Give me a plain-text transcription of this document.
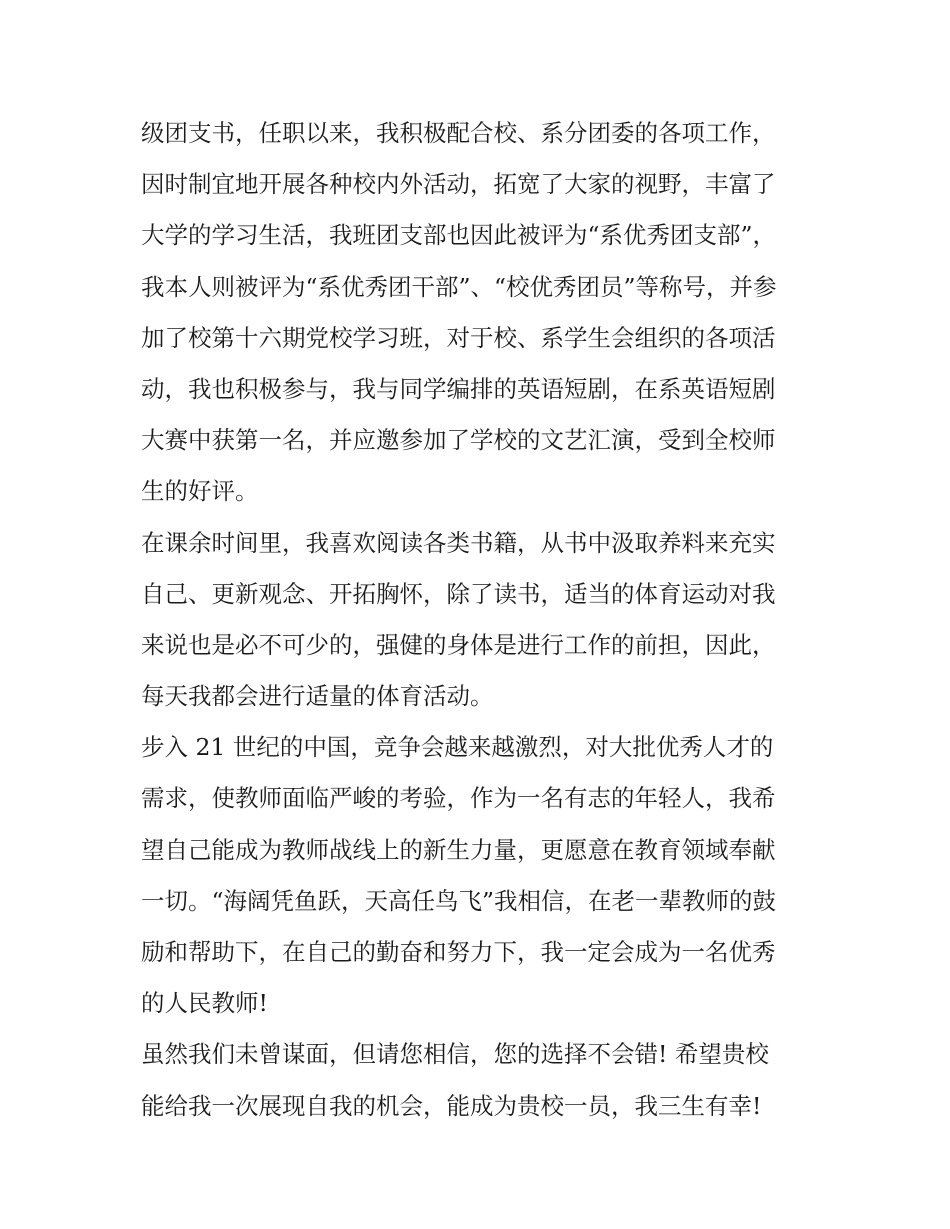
级团支书，任职以来，我积极配合校、系分团委的各项工作，
因时制宜地开展各种校内外活动，拓宽了大家的视野，丰富了
大学的学习生活，我班团支部也因此被评为“系优秀团支部”，
我本人则被评为“系优秀团干部”、“校优秀团员”等称号，并参
加了校第十六期党校学习班，对于校、系学生会组织的各项活
动，我也积极参与，我与同学编排的英语短剧，在系英语短剧
大赛中获第一名，并应邀参加了学校的文艺汇演，受到全校师
生的好评。

在课余时间里，我喜欢阅读各类书籍，从书中汲取养料来充实
自己、更新观念、开拓胸怀，除了读书，适当的体育运动对我
来说也是必不可少的，强健的身体是进行工作的前担，因此，
每天我都会进行适量的体育活动。

步入 21 世纪的中国，竞争会越来越激烈，对大批优秀人才的
需求，使教师面临严峻的考验，作为一名有志的年轻人，我希
望自己能成为教师战线上的新生力量，更愿意在教育领域奉献
一切。“海阔凭鱼跃，天高任鸟飞”我相信，在老一辈教师的鼓
励和帮助下，在自己的勤奋和努力下，我一定会成为一名优秀
的人民教师!

虽然我们未曾谋面，但请您相信，您的选择不会错! 希望贵校
能给我一次展现自我的机会，能成为贵校一员，我三生有幸!
